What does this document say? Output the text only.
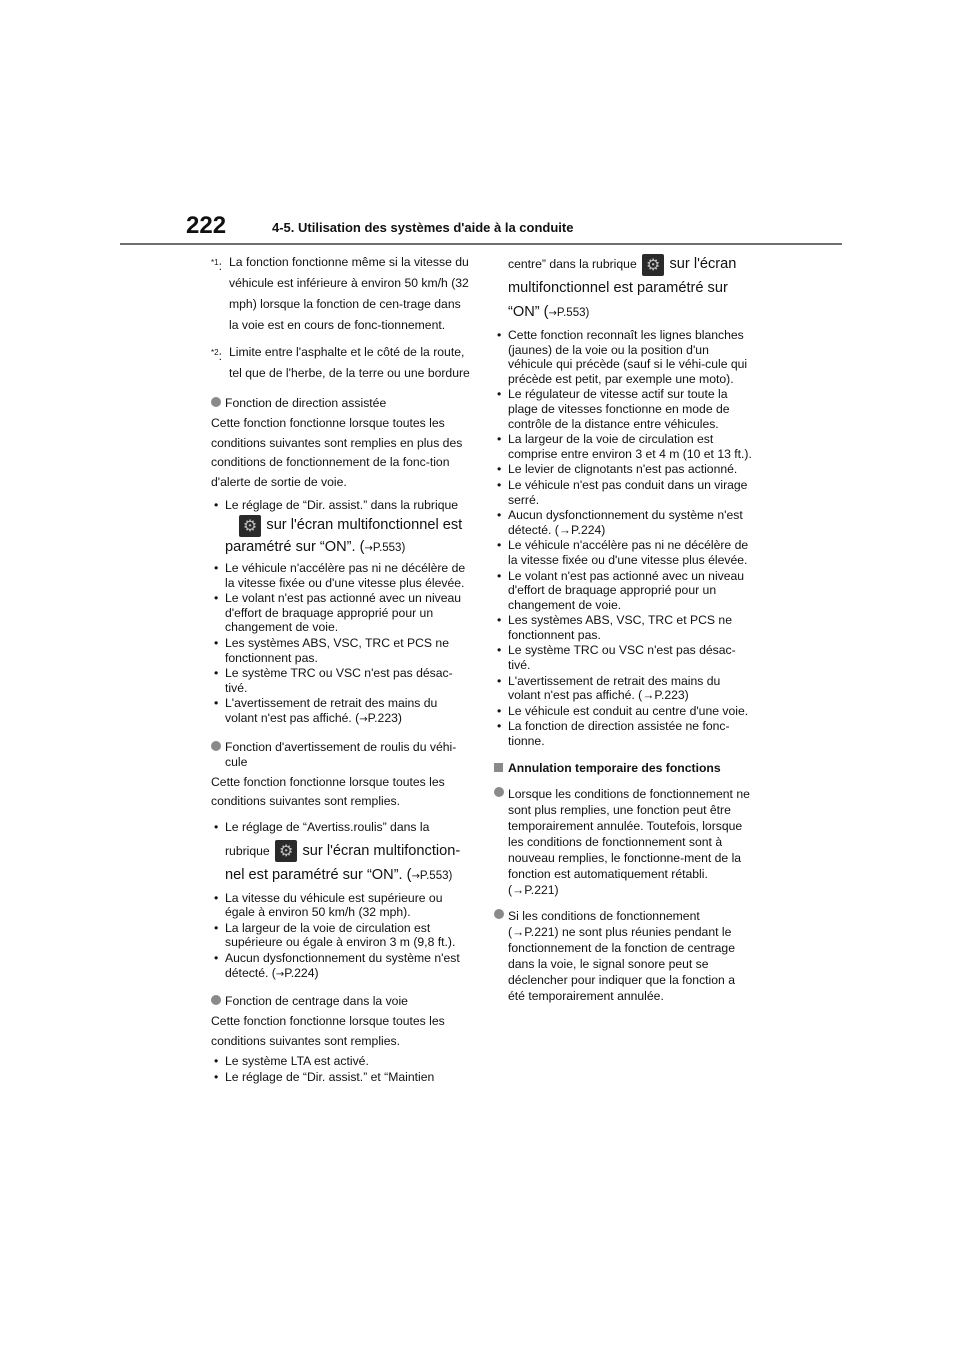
222	4-5. Utilisation des systèmes d'aide à la conduite
$^{*1}$: La fonction fonctionne même si la vitesse du véhicule est inférieure à environ 50 km/h (32 mph) lorsque la fonction de cen-trage dans la voie est en cours de fonc-tionnement.

$^{*2}$: Limite entre l'asphalte et le côté de la route, tel que de l'herbe, de la terre ou une bordure

Fonction de direction assistée

Cette fonction fonctionne lorsque toutes les conditions suivantes sont remplies en plus des conditions de fonctionnement de la fonc-tion d'alerte de sortie de voie.

• Le réglage de “Dir. assist.” dans la rubrique
⚙ sur l'écran multifonctionnel est paramétré sur “ON”. (→P.553)
• Le véhicule n'accélère pas ni ne décélère de la vitesse fixée ou d'une vitesse plus élevée.
• Le volant n'est pas actionné avec un niveau d'effort de braquage approprié pour un changement de voie.
• Les systèmes ABS, VSC, TRC et PCS ne fonctionnent pas.
• Le système TRC ou VSC n'est pas désac-tivé.
• L'avertissement de retrait des mains du volant n'est pas affiché. (→P.223)
Fonction d'avertissement de roulis du véhi-cule

Cette fonction fonctionne lorsque toutes les conditions suivantes sont remplies.

• Le réglage de “Avertiss.roulis” dans la rubrique ⚙ sur l'écran multifonction-nel est paramétré sur “ON”. (→P.553)
• La vitesse du véhicule est supérieure ou égale à environ 50 km/h (32 mph).
• La largeur de la voie de circulation est supérieure ou égale à environ 3 m (9,8 ft.).
• Aucun dysfonctionnement du système n'est détecté. (→P.224)
Fonction de centrage dans la voie

Cette fonction fonctionne lorsque toutes les conditions suivantes sont remplies.

• Le système LTA est activé.
• Le réglage de “Dir. assist.” et “Maintien
centre” dans la rubrique ⚙ sur l'écran multifonctionnel est paramétré sur “ON” (→P.553)
• Cette fonction reconnaît les lignes blanches (jaunes) de la voie ou la position d'un véhicule qui précède (sauf si le véhi-cule qui précède est petit, par exemple une moto).
• Le régulateur de vitesse actif sur toute la plage de vitesses fonctionne en mode de contrôle de la distance entre véhicules.
• La largeur de la voie de circulation est comprise entre environ 3 et 4 m (10 et 13 ft.).
• Le levier de clignotants n'est pas actionné.
• Le véhicule n'est pas conduit dans un virage serré.
• Aucun dysfonctionnement du système n'est détecté. (→P.224)
• Le véhicule n'accélère pas ni ne décélère de la vitesse fixée ou d'une vitesse plus élevée.
• Le volant n'est pas actionné avec un niveau d'effort de braquage approprié pour un changement de voie.
• Les systèmes ABS, VSC, TRC et PCS ne fonctionnent pas.
• Le système TRC ou VSC n'est pas désac-tivé.
• L'avertissement de retrait des mains du volant n'est pas affiché. (→P.223)
• Le véhicule est conduit au centre d'une voie.
• La fonction de direction assistée ne fonc-tionne.
Annulation temporaire des fonctions
Lorsque les conditions de fonctionnement ne sont plus remplies, une fonction peut être temporairement annulée. Toutefois, lorsque les conditions de fonctionnement sont à nouveau remplies, le fonctionne-ment de la fonction est automatiquement rétabli. (→P.221)
Si les conditions de fonctionnement (→P.221) ne sont plus réunies pendant le fonctionnement de la fonction de centrage dans la voie, le signal sonore peut se déclencher pour indiquer que la fonction a été temporairement annulée.
